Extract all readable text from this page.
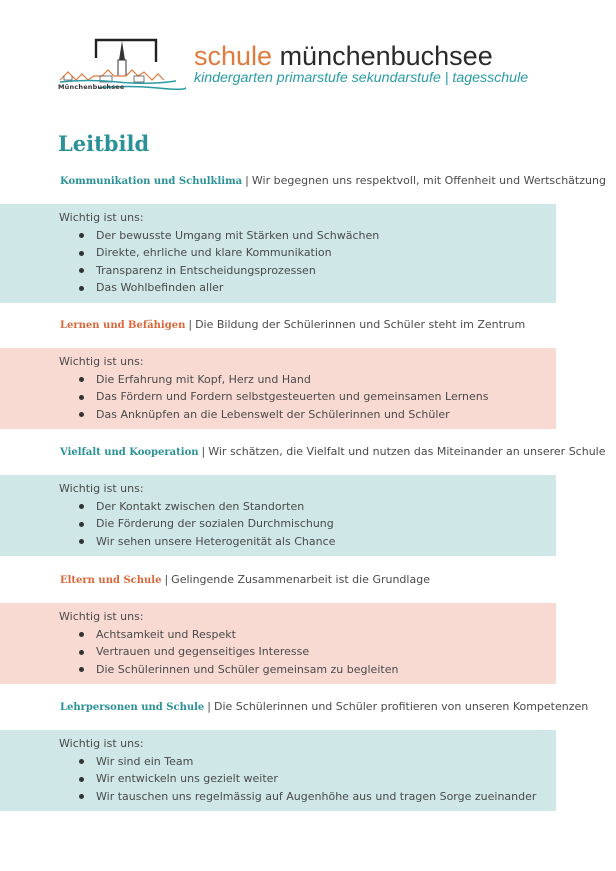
Münchenbuchsee
schule münchenbuchsee
kindergarten primarstufe sekundarstufe | tagesschule
Leitbild
Kommunikation und Schulklima | Wir begegnen uns respektvoll, mit Offenheit und Wertschätzung
Wichtig ist uns:
Der bewusste Umgang mit Stärken und Schwächen
Direkte, ehrliche und klare Kommunikation
Transparenz in Entscheidungsprozessen
Das Wohlbefinden aller
Lernen und Befähigen | Die Bildung der Schülerinnen und Schüler steht im Zentrum
Wichtig ist uns:
Die Erfahrung mit Kopf, Herz und Hand
Das Fördern und Fordern selbstgesteuerten und gemeinsamen Lernens
Das Anknüpfen an die Lebenswelt der Schülerinnen und Schüler
Vielfalt und Kooperation | Wir schätzen, die Vielfalt und nutzen das Miteinander an unserer Schule
Wichtig ist uns:
Der Kontakt zwischen den Standorten
Die Förderung der sozialen Durchmischung
Wir sehen unsere Heterogenität als Chance
Eltern und Schule | Gelingende Zusammenarbeit ist die Grundlage
Wichtig ist uns:
Achtsamkeit und Respekt
Vertrauen und gegenseitiges Interesse
Die Schülerinnen und Schüler gemeinsam zu begleiten
Lehrpersonen und Schule | Die Schülerinnen und Schüler profitieren von unseren Kompetenzen
Wichtig ist uns:
Wir sind ein Team
Wir entwickeln uns gezielt weiter
Wir tauschen uns regelmässig auf Augenhöhe aus und tragen Sorge zueinander
